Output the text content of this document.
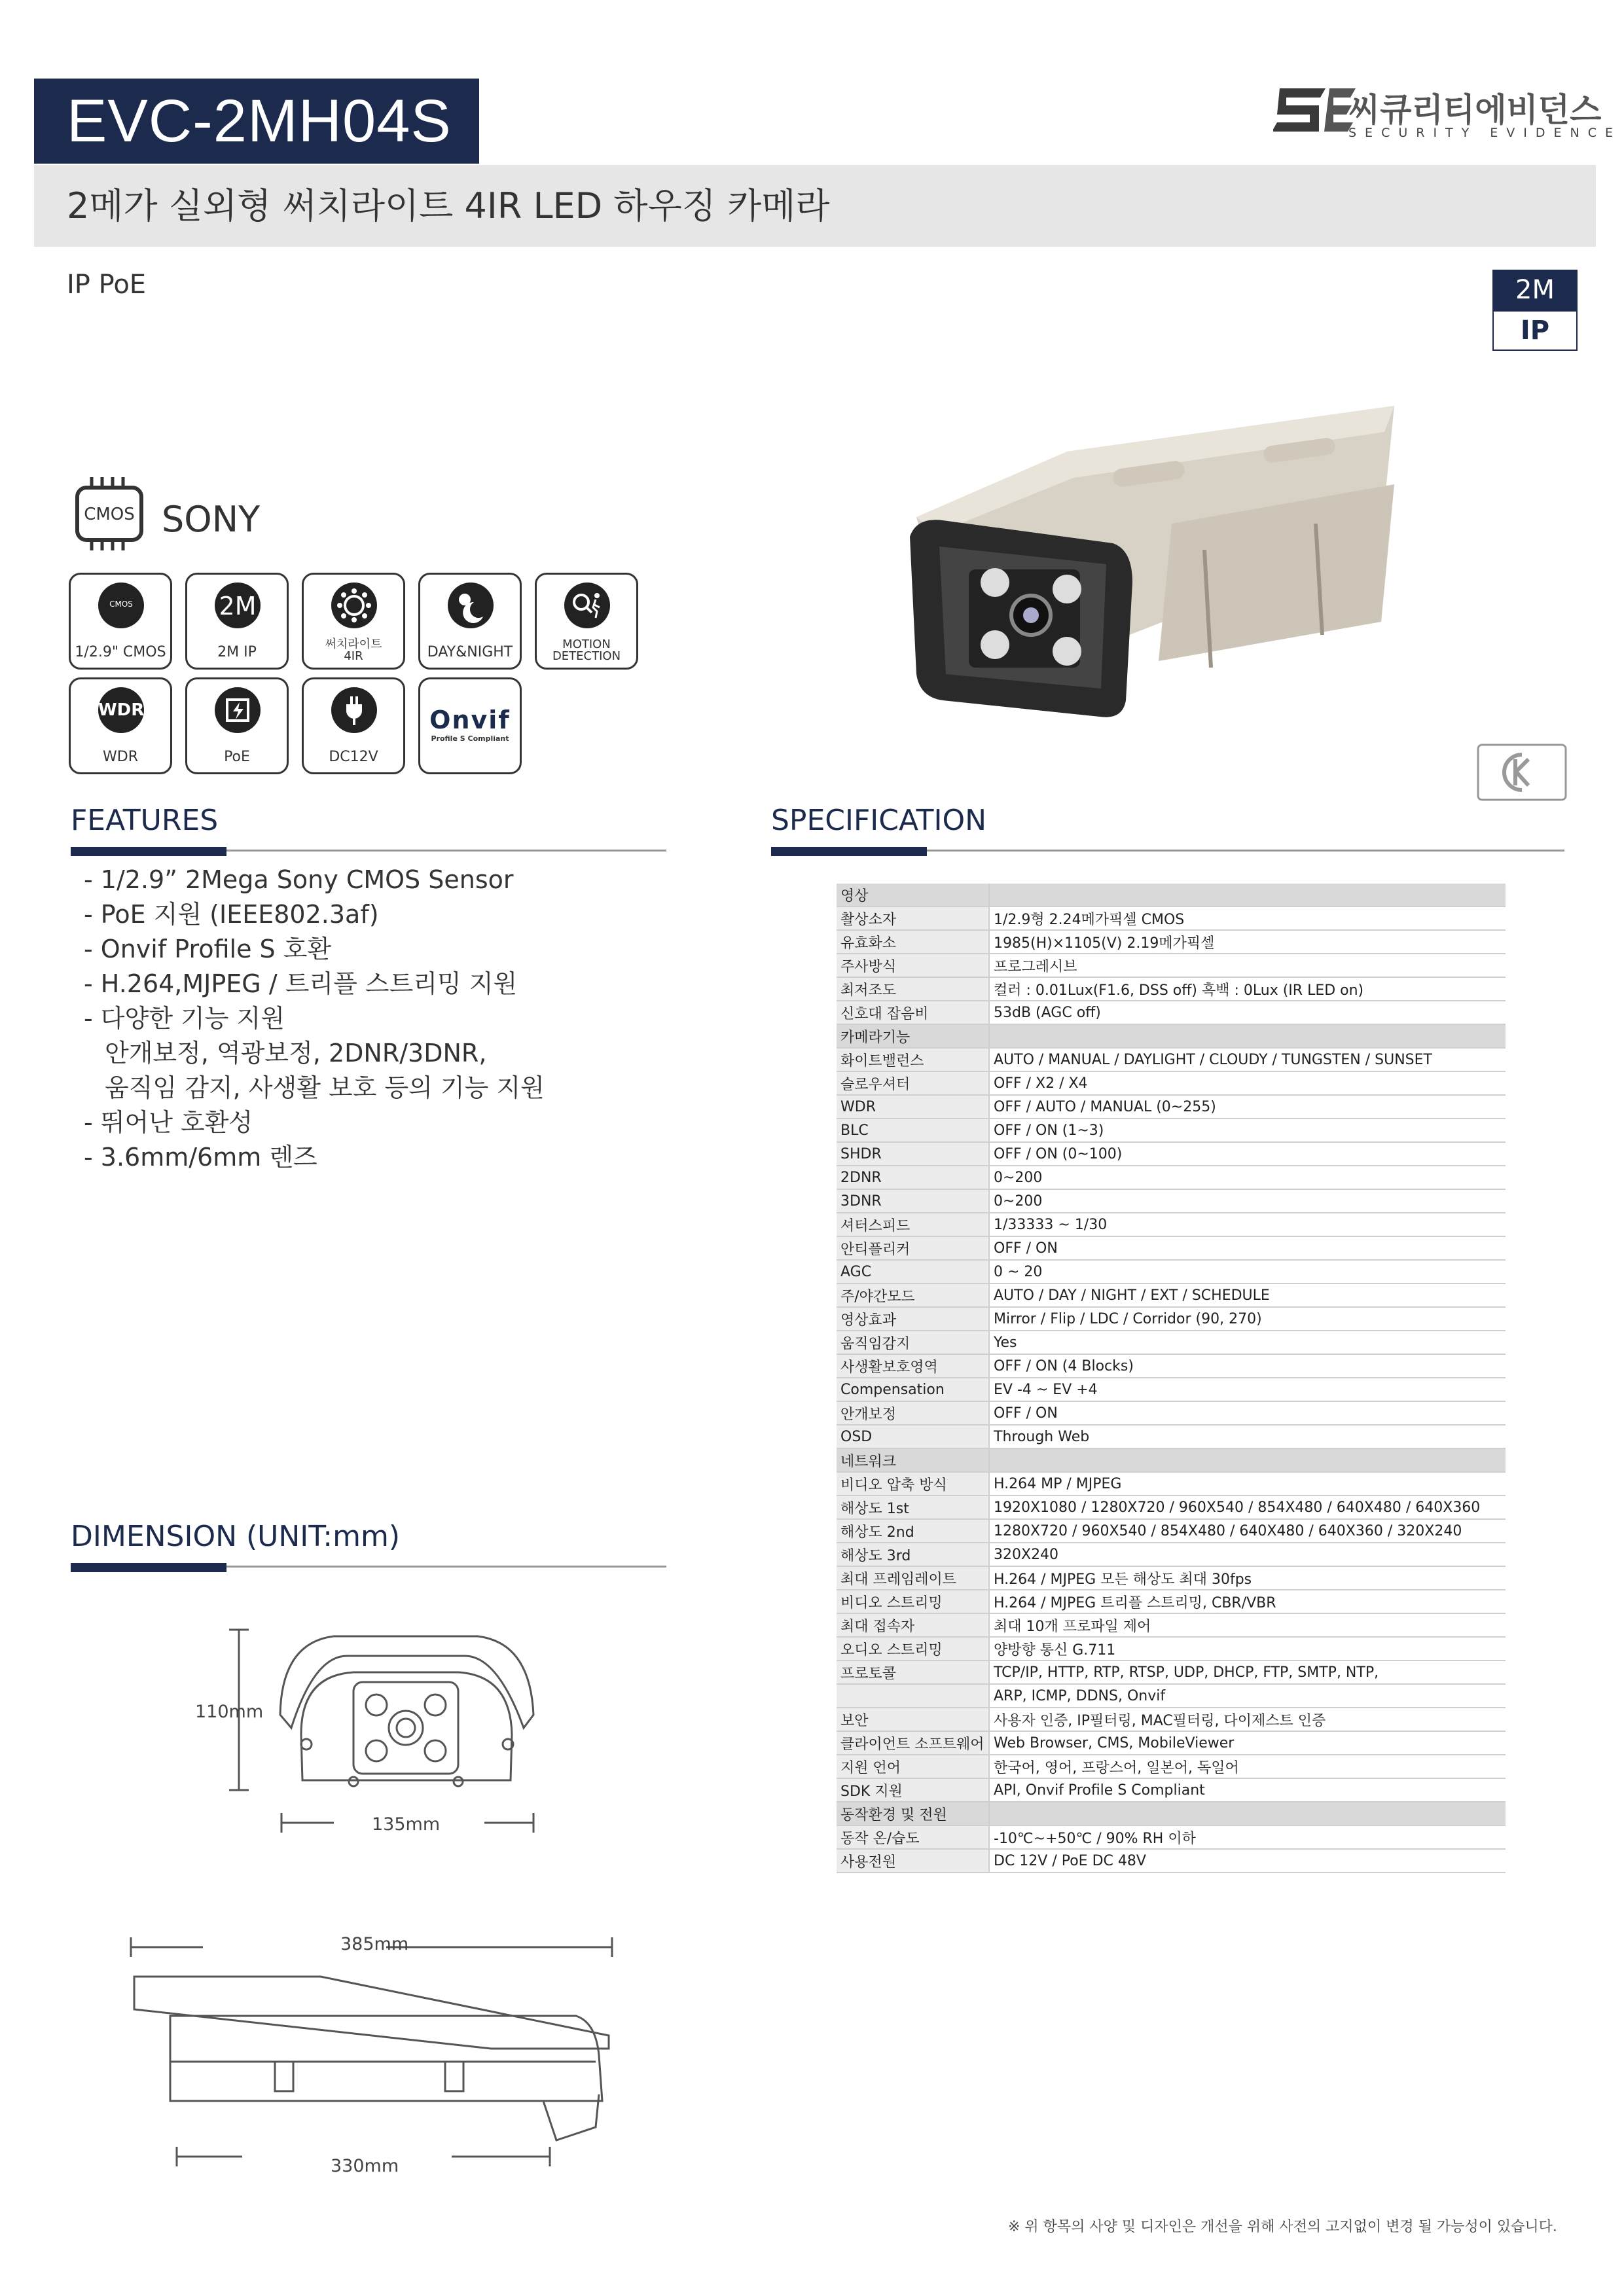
EVC-2MH04S
2메가 실외형 써치라이트 4IR LED 하우징 카메라
씨큐리티에비던스
SECURITY EVIDENCE
IP PoE	2M
IP
CMOS SONY
CMOS
1/2.9" CMOS
2M
2M IP	써치라이트
4IR	DAY&NIGHT	MOTION
DETECTION
WDR
WDR	PoE	DC12V
Onvif
Profile S Compliant
FEATURES
- 1/2.9” 2Mega Sony CMOS Sensor
- PoE 지원 (IEEE802.3af)
- Onvif Profile S 호환
- H.264,MJPEG / 트리플 스트리밍 지원
- 다양한 기능 지원
안개보정, 역광보정, 2DNR/3DNR,
움직임 감지, 사생활 보호 등의 기능 지원
- 뛰어난 호환성
- 3.6mm/6mm 렌즈
SPECIFICATION
영상	
촬상소자	1/2.9형 2.24메가픽셀 CMOS
유효화소	1985(H)×1105(V) 2.19메가픽셀
주사방식	프로그레시브
최저조도	컬러 : 0.01Lux(F1.6, DSS off) 흑백 : 0Lux (IR LED on)
신호대 잡음비	53dB (AGC off)
카메라기능	
화이트밸런스	AUTO / MANUAL / DAYLIGHT / CLOUDY / TUNGSTEN / SUNSET
슬로우셔터	OFF / X2 / X4
WDR	OFF / AUTO / MANUAL (0~255)
BLC	OFF / ON (1~3)
SHDR	OFF / ON (0~100)
2DNR	0~200
3DNR	0~200
셔터스피드	1/33333 ~ 1/30
안티플리커	OFF / ON
AGC	0 ~ 20
주/야간모드	AUTO / DAY / NIGHT / EXT / SCHEDULE
영상효과	Mirror / Flip / LDC / Corridor (90, 270)
움직임감지	Yes
사생활보호영역	OFF / ON (4 Blocks)
Compensation	EV -4 ~ EV +4
안개보정	OFF / ON
OSD	Through Web
네트워크	
비디오 압축 방식	H.264 MP / MJPEG
해상도 1st	1920X1080 / 1280X720 / 960X540 / 854X480 / 640X480 / 640X360
해상도 2nd	1280X720 / 960X540 / 854X480 / 640X480 / 640X360 / 320X240
해상도 3rd	320X240
최대 프레임레이트	H.264 / MJPEG 모든 해상도 최대 30fps
비디오 스트리밍	H.264 / MJPEG 트리플 스트리밍, CBR/VBR
최대 접속자	최대 10개 프로파일 제어
오디오 스트리밍	양방향 통신 G.711
프로토콜	TCP/IP, HTTP, RTP, RTSP, UDP, DHCP, FTP, SMTP, NTP,
	ARP, ICMP, DDNS, Onvif
보안	사용자 인증, IP필터링, MAC필터링, 다이제스트 인증
클라이언트 소프트웨어	Web Browser, CMS, MobileViewer
지원 언어	한국어, 영어, 프랑스어, 일본어, 독일어
SDK 지원	API, Onvif Profile S Compliant
동작환경 및 전원	
동작 온/습도	-10℃~+50℃ / 90% RH 이하
사용전원	DC 12V / PoE DC 48V
DIMENSION (UNIT:mm)
110mm
135mm
385mm
330mm
※ 위 항목의 사양 및 디자인은 개선을 위해 사전의 고지없이 변경 될 가능성이 있습니다.
